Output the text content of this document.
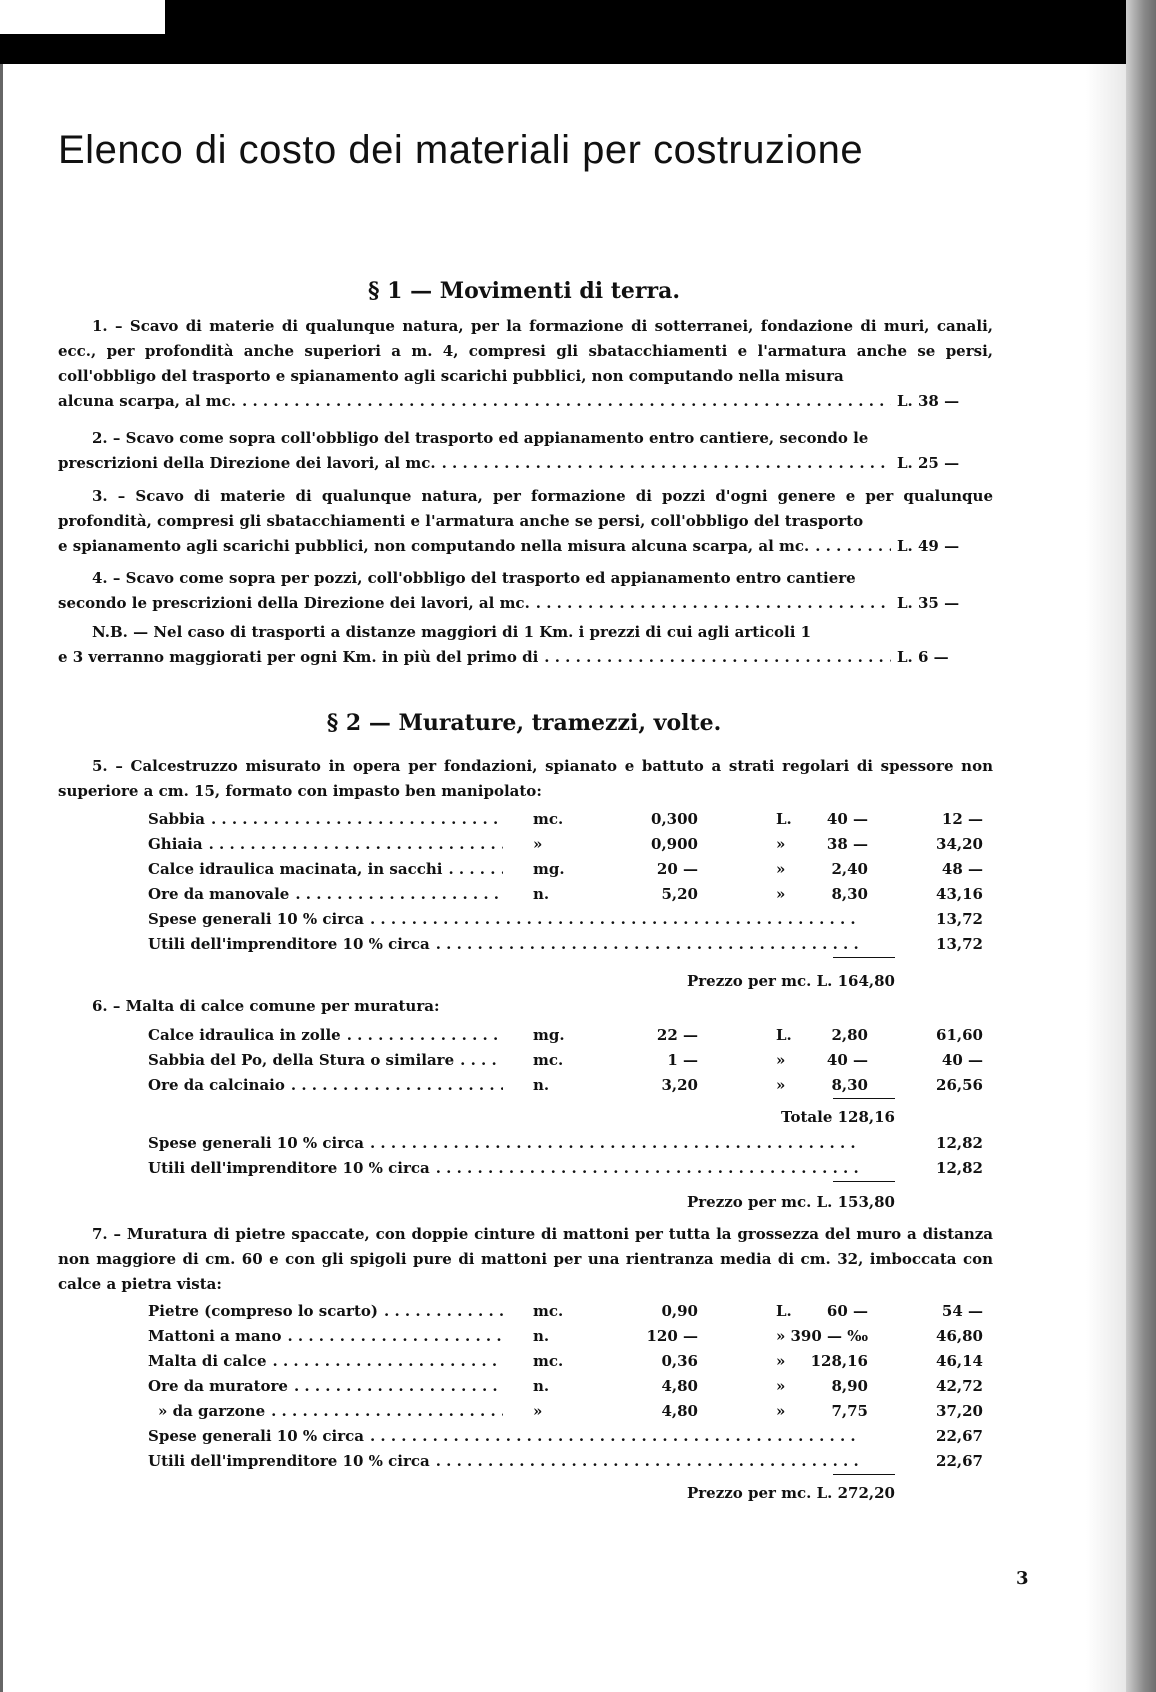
Elenco di costo dei materiali per costruzione
§ 1 — Movimenti di terra.
1. – Scavo di materie di qualunque natura, per la formazione di sotterranei, fondazione di muri, canali, ecc., per profondità anche superiori a m. 4, compresi gli sbatacchiamenti e l'armatura anche se persi, coll'obbligo del trasporto e spianamento agli scarichi pubblici, non computando nella misura
alcuna scarpa, al mc. . . .	L. 38 —
2. – Scavo come sopra coll'obbligo del trasporto ed appianamento entro cantiere, secondo le
prescrizioni della Direzione dei lavori, al mc. . . .	L. 25 —
3. – Scavo di materie di qualunque natura, per formazione di pozzi d'ogni genere e per qualunque profondità, compresi gli sbatacchiamenti e l'armatura anche se persi, coll'obbligo del trasporto
e spianamento agli scarichi pubblici, non computando nella misura alcuna scarpa, al mc. . . .	L. 49 —
4. – Scavo come sopra per pozzi, coll'obbligo del trasporto ed appianamento entro cantiere
secondo le prescrizioni della Direzione dei lavori, al mc. . . .	L. 35 —
N.B. — Nel caso di trasporti a distanze maggiori di 1 Km. i prezzi di cui agli articoli 1
e 3 verranno maggiorati per ogni Km. in più del primo di . . .	L. 6 —
§ 2 — Murature, tramezzi, volte.
5. – Calcestruzzo misurato in opera per fondazioni, spianato e battuto a strati regolari di spessore non superiore a cm. 15, formato con impasto ben manipolato:
Sabbia . . .	mc.	0,300	L.	40 —	12 —
Ghiaia . . .	»	0,900	»	38 —	34,20
Calce idraulica macinata, in sacchi . . .	mg.	20 —	»	2,40	48 —
Ore da manovale . . .	n.	5,20	»	8,30	43,16
Spese generali 10 % circa . . .	13,72
Utili dell'imprenditore 10 % circa . . .	13,72
Prezzo per mc. L. 164,80
6. – Malta di calce comune per muratura:
Calce idraulica in zolle . . .	mg.	22 —	L.	2,80	61,60
Sabbia del Po, della Stura o similare . . .	mc.	1 —	»	40 —	40 —
Ore da calcinaio . . .	n.	3,20	»	8,30	26,56
Totale 128,16
Spese generali 10 % circa . . .	12,82
Utili dell'imprenditore 10 % circa . . .	12,82
Prezzo per mc. L. 153,80
7. – Muratura di pietre spaccate, con doppie cinture di mattoni per tutta la grossezza del muro a distanza non maggiore di cm. 60 e con gli spigoli pure di mattoni per una rientranza media di cm. 32, imboccata con calce a pietra vista:
Pietre (compreso lo scarto) . . .	mc.	0,90	L.	60 —	54 —
Mattoni a mano . . .	n.	120 —	» 390 — ‰	46,80
Malta di calce . . .	mc.	0,36	»	128,16	46,14
Ore da muratore . . .	n.	4,80	»	8,90	42,72
» da garzone . . .	»	4,80	»	7,75	37,20
Spese generali 10 % circa . . .	22,67
Utili dell'imprenditore 10 % circa . . .	22,67
Prezzo per mc. L. 272,20
3
